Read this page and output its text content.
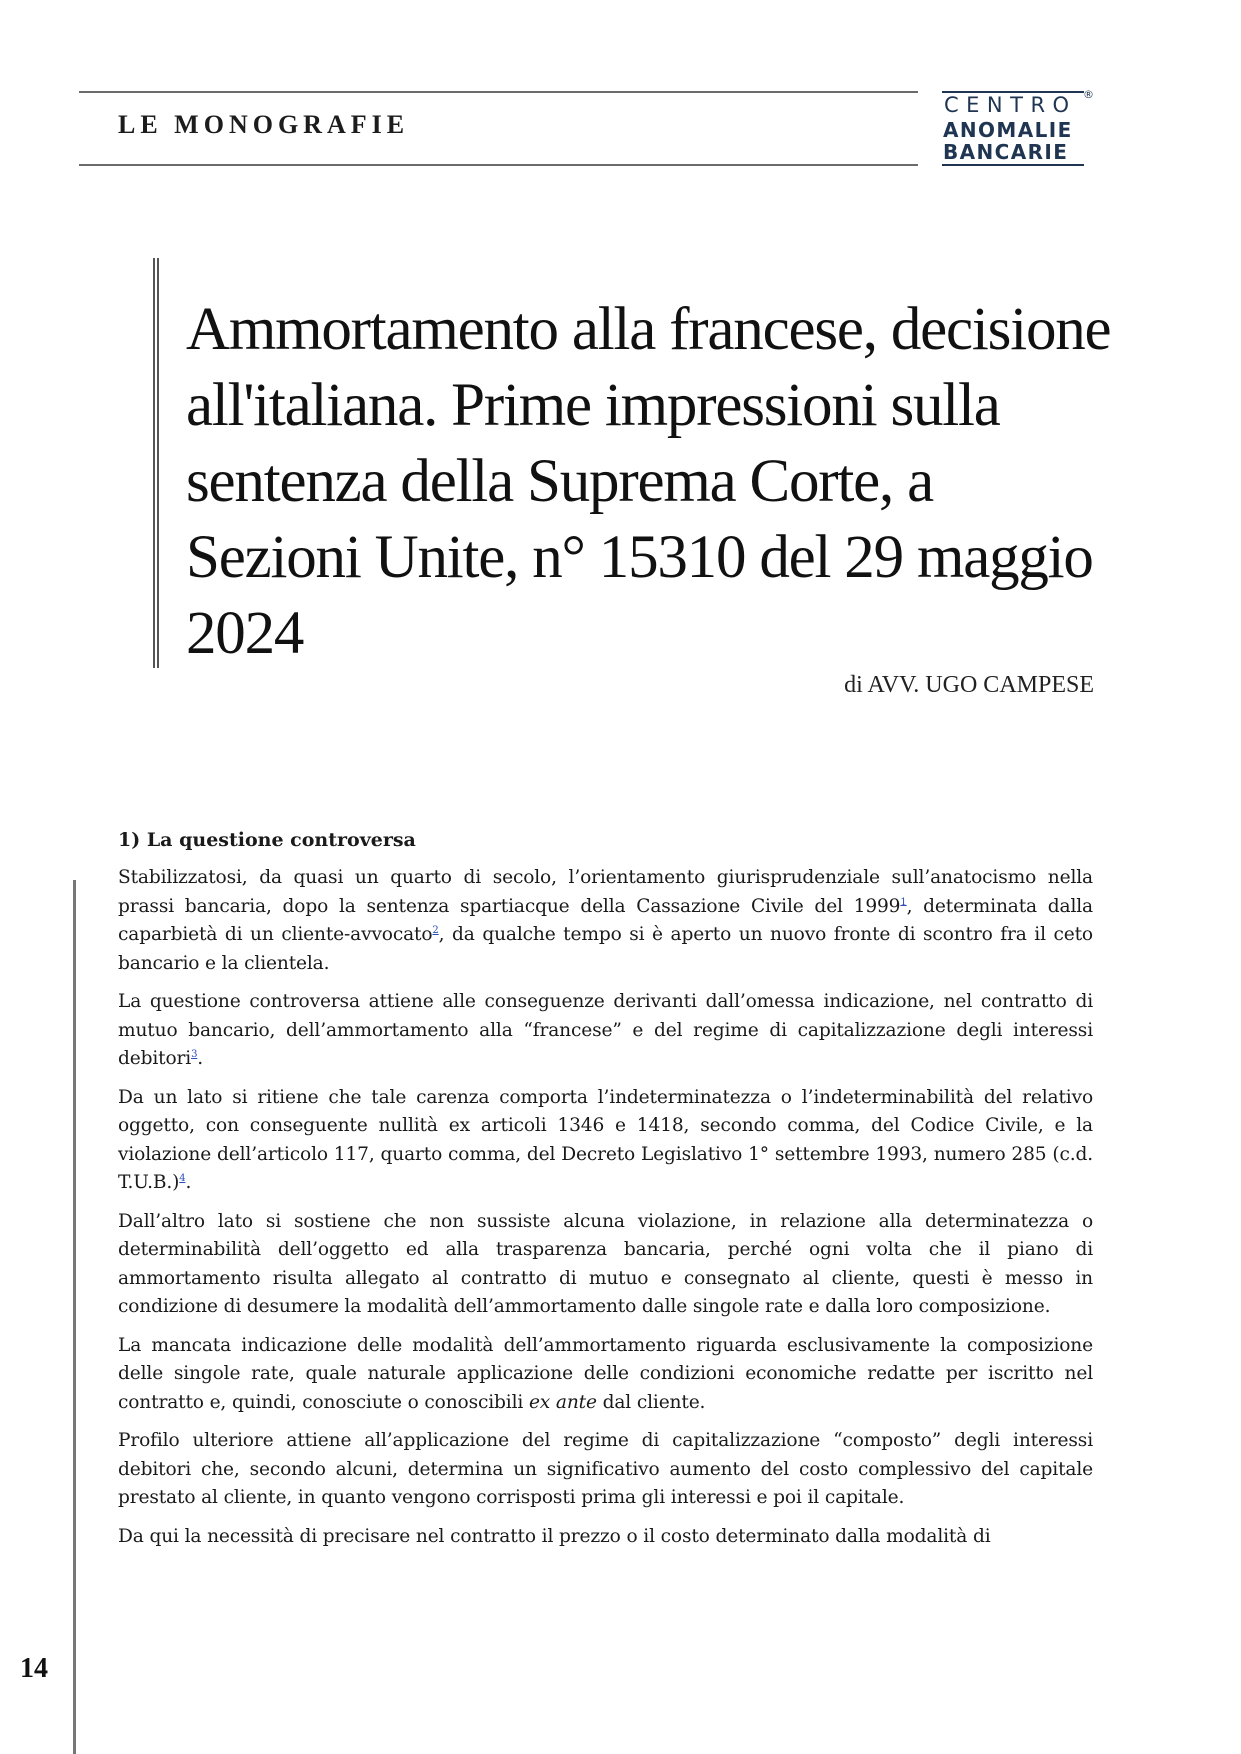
LE MONOGRAFIE
CENTRO ®
ANOMALIE
BANCARIE
Ammortamento alla francese, decisione all'italiana. Prime impressioni sulla sentenza della Suprema Corte, a Sezioni Unite, n° 15310 del 29 maggio 2024
di AVV. UGO CAMPESE
14
1) La questione controversa

Stabilizzatosi, da quasi un quarto di secolo, l’orientamento giurisprudenziale sull’anatocismo nella prassi bancaria, dopo la sentenza spartiacque della Cassazione Civile del 1999$^1$, determinata dalla caparbietà di un cliente-avvocato$^2$, da qualche tempo si è aperto un nuovo fronte di scontro fra il ceto bancario e la clientela.

La questione controversa attiene alle conseguenze derivanti dall’omessa indicazione, nel contratto di mutuo bancario, dell’ammortamento alla “francese” e del regime di capitalizzazione degli interessi debitori$^3$.

Da un lato si ritiene che tale carenza comporta l’indeterminatezza o l’indeterminabilità del relativo oggetto, con conseguente nullità ex articoli 1346 e 1418, secondo comma, del Codice Civile, e la violazione dell’articolo 117, quarto comma, del Decreto Legislativo 1° settembre 1993, numero 285 (c.d. T.U.B.)$^4$.

Dall’altro lato si sostiene che non sussiste alcuna violazione, in relazione alla determinatezza o determinabilità dell’oggetto ed alla trasparenza bancaria, perché ogni volta che il piano di ammortamento risulta allegato al contratto di mutuo e consegnato al cliente, questi è messo in condizione di desumere la modalità dell’ammortamento dalle singole rate e dalla loro composizione.

La mancata indicazione delle modalità dell’ammortamento riguarda esclusivamente la composizione delle singole rate, quale naturale applicazione delle condizioni economiche redatte per iscritto nel contratto e, quindi, conosciute o conoscibili ex ante dal cliente.

Profilo ulteriore attiene all’applicazione del regime di capitalizzazione “composto” degli interessi debitori che, secondo alcuni, determina un significativo aumento del costo complessivo del capitale prestato al cliente, in quanto vengono corrisposti prima gli interessi e poi il capitale.

Da qui la necessità di precisare nel contratto il prezzo o il costo determinato dalla modalità di
